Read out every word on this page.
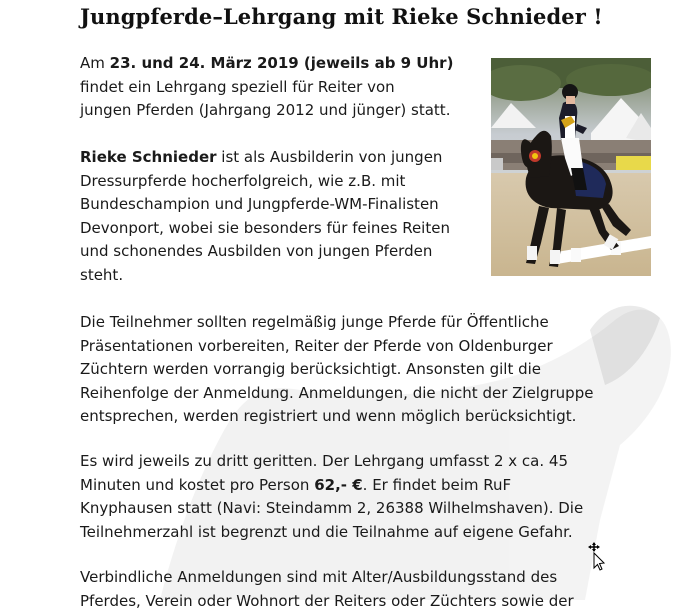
Jungpferde–Lehrgang mit Rieke Schnieder !

Am 23. und 24. März 2019 (jeweils ab 9 Uhr)
findet ein Lehrgang speziell für Reiter von
jungen Pferden (Jahrgang 2012 und jünger) statt.

Rieke Schnieder ist als Ausbilderin von jungen
Dressurpferde hocherfolgreich, wie z.B. mit
Bundeschampion und Jungpferde-WM-Finalisten
Devonport, wobei sie besonders für feines Reiten
und schonendes Ausbilden von jungen Pferden
steht.

Die Teilnehmer sollten regelmäßig junge Pferde für Öffentliche
Präsentationen vorbereiten, Reiter der Pferde von Oldenburger
Züchtern werden vorrangig berücksichtigt. Ansonsten gilt die
Reihenfolge der Anmeldung. Anmeldungen, die nicht der Zielgruppe
entsprechen, werden registriert und wenn möglich berücksichtigt.

Es wird jeweils zu dritt geritten. Der Lehrgang umfasst 2 x ca. 45
Minuten und kostet pro Person 62,- €. Er findet beim RuF
Knyphausen statt (Navi: Steindamm 2, 26388 Wilhelmshaven). Die
Teilnehmerzahl ist begrenzt und die Teilnahme auf eigene Gefahr.

Verbindliche Anmeldungen sind mit Alter/Ausbildungsstand des
Pferdes, Verein oder Wohnort der Reiters oder Züchters sowie der
